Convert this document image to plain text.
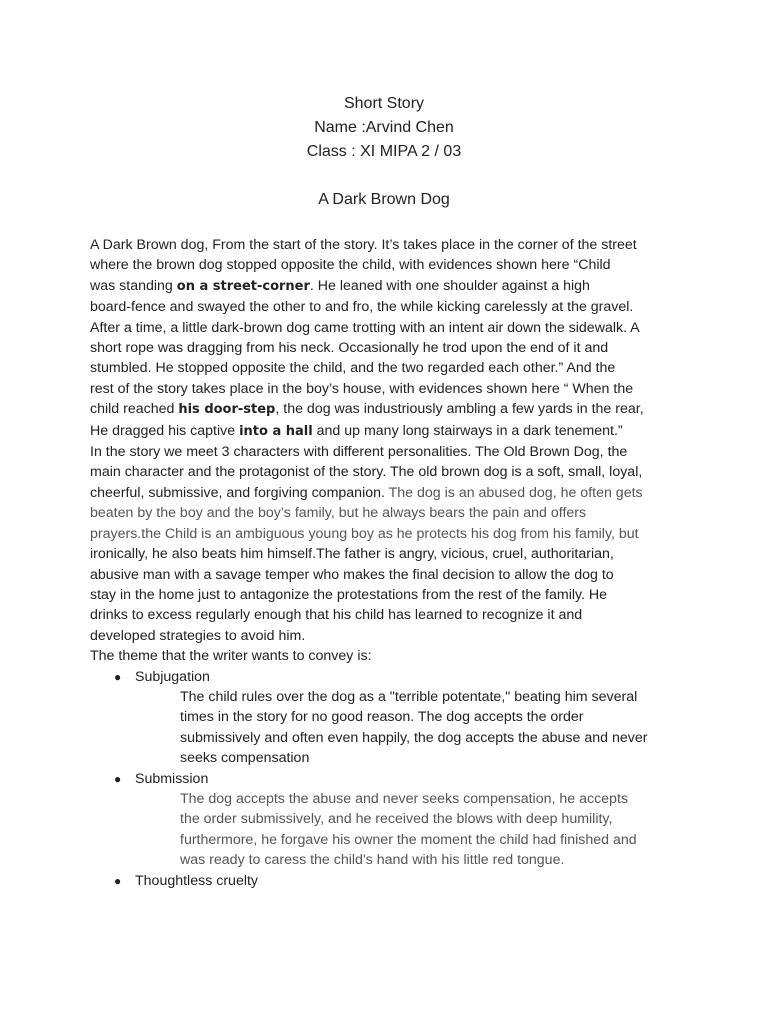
Short Story
Name :Arvind Chen
Class : XI MIPA 2 / 03
A Dark Brown Dog
A Dark Brown dog, From the start of the story. It’s takes place in the corner of the street
where the brown dog stopped opposite the child, with evidences shown here “Child
was standing on a street-corner. He leaned with one shoulder against a high
board-fence and swayed the other to and fro, the while kicking carelessly at the gravel.
After a time, a little dark-brown dog came trotting with an intent air down the sidewalk. A
short rope was dragging from his neck. Occasionally he trod upon the end of it and
stumbled. He stopped opposite the child, and the two regarded each other.” And the
rest of the story takes place in the boy’s house, with evidences shown here “ When the
child reached his door-step, the dog was industriously ambling a few yards in the rear,
He dragged his captive into a hall and up many long stairways in a dark tenement.”
In the story we meet 3 characters with different personalities. The Old Brown Dog, the
main character and the protagonist of the story. The old brown dog is a soft, small, loyal,
cheerful, submissive, and forgiving companion. The dog is an abused dog, he often gets
beaten by the boy and the boy’s family, but he always bears the pain and offers
prayers.the Child is an ambiguous young boy as he protects his dog from his family, but
ironically, he also beats him himself.The father is angry, vicious, cruel, authoritarian,
abusive man with a savage temper who makes the final decision to allow the dog to
stay in the home just to antagonize the protestations from the rest of the family. He
drinks to excess regularly enough that his child has learned to recognize it and
developed strategies to avoid him.
The theme that the writer wants to convey is:
● Subjugation
The child rules over the dog as a "terrible potentate," beating him several
times in the story for no good reason. The dog accepts the order
submissively and often even happily, the dog accepts the abuse and never
seeks compensation
● Submission
The dog accepts the abuse and never seeks compensation, he accepts
the order submissively, and he received the blows with deep humility,
furthermore, he forgave his owner the moment the child had finished and
was ready to caress the child's hand with his little red tongue.
● Thoughtless cruelty
